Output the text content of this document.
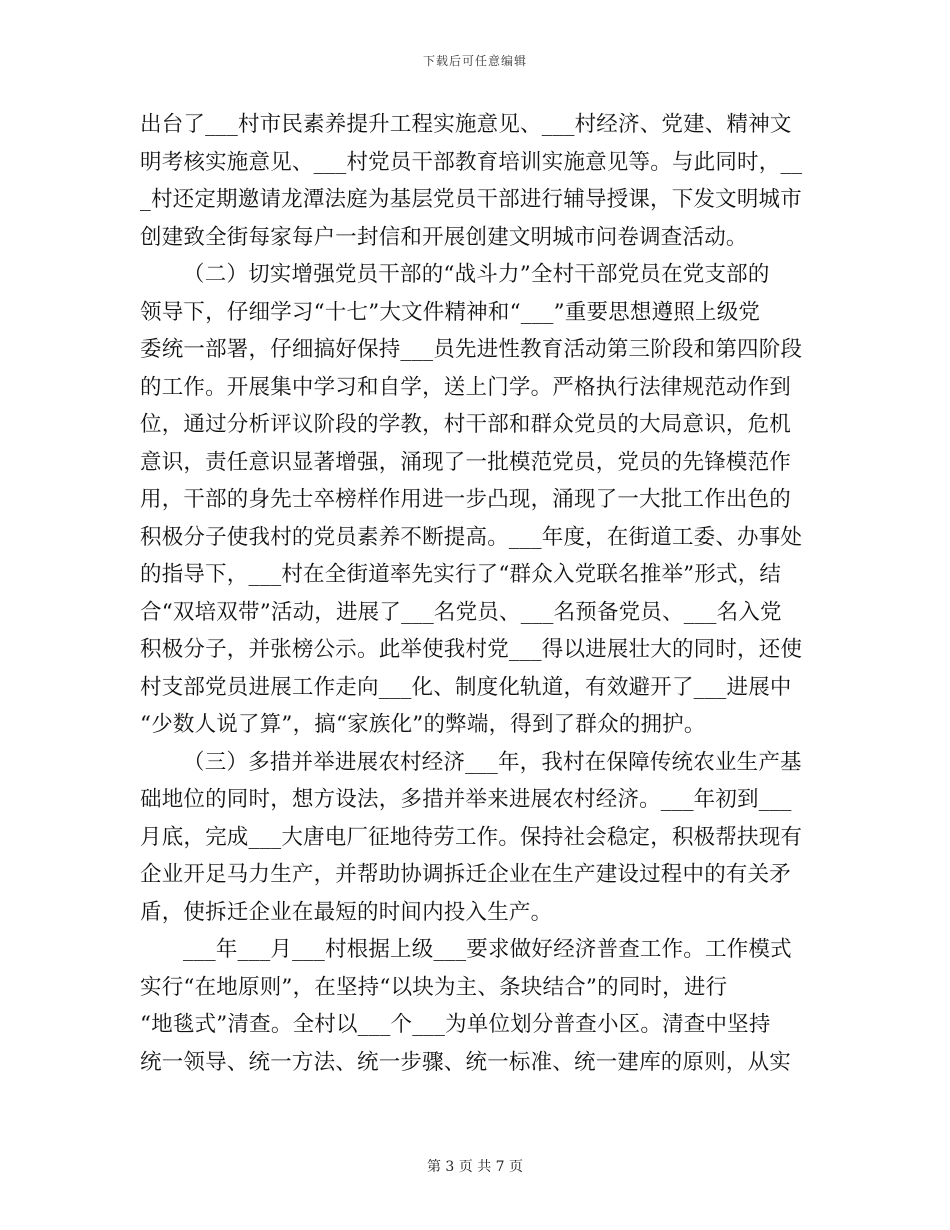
下载后可任意编辑

出台了___村市民素养提升工程实施意见、___村经济、党建、精神文
明考核实施意见、___村党员干部教育培训实施意见等。与此同时，__
_村还定期邀请龙潭法庭为基层党员干部进行辅导授课，下发文明城市
创建致全街每家每户一封信和开展创建文明城市问卷调查活动。

（二）切实增强党员干部的“战斗力”全村干部党员在党支部的
领导下，仔细学习“十七”大文件精神和“___”重要思想遵照上级党
委统一部署，仔细搞好保持___员先进性教育活动第三阶段和第四阶段
的工作。开展集中学习和自学，送上门学。严格执行法律规范动作到
位，通过分析评议阶段的学教，村干部和群众党员的大局意识，危机
意识，责任意识显著增强，涌现了一批模范党员，党员的先锋模范作
用，干部的身先士卒榜样作用进一步凸现，涌现了一大批工作出色的
积极分子使我村的党员素养不断提高。___年度，在街道工委、办事处
的指导下，___村在全街道率先实行了“群众入党联名推举”形式，结
合“双培双带”活动，进展了___名党员、___名预备党员、___名入党
积极分子，并张榜公示。此举使我村党___得以进展壮大的同时，还使
村支部党员进展工作走向___化、制度化轨道，有效避开了___进展中
“少数人说了算”，搞“家族化”的弊端，得到了群众的拥护。

（三）多措并举进展农村经济___年，我村在保障传统农业生产基
础地位的同时，想方设法，多措并举来进展农村经济。___年初到___
月底，完成___大唐电厂征地待劳工作。保持社会稳定，积极帮扶现有
企业开足马力生产，并帮助协调拆迁企业在生产建设过程中的有关矛
盾，使拆迁企业在最短的时间内投入生产。

___年___月___村根据上级___要求做好经济普查工作。工作模式
实行“在地原则”，在坚持“以块为主、条块结合”的同时，进行
“地毯式”清查。全村以___个___为单位划分普查小区。清查中坚持
统一领导、统一方法、统一步骤、统一标准、统一建库的原则，从实

第 3 页 共 7 页
